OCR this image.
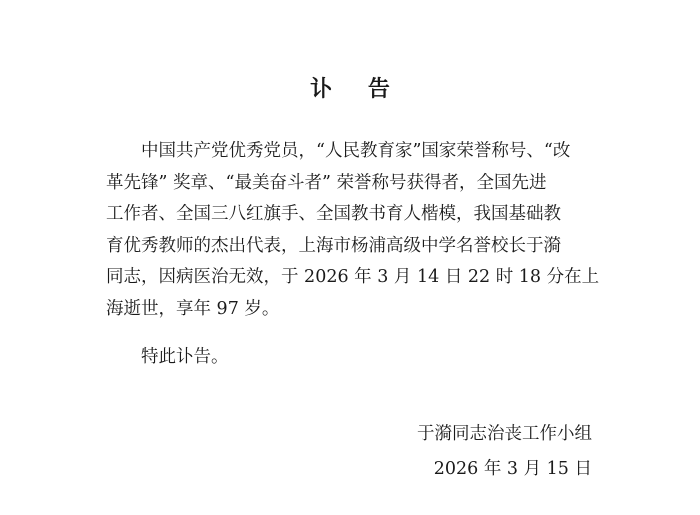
讣 告
中国共产党优秀党员，“人民教育家”国家荣誉称号、“改
革先锋” 奖章、“最美奋斗者” 荣誉称号获得者，全国先进
工作者、全国三八红旗手、全国教书育人楷模，我国基础教
育优秀教师的杰出代表，上海市杨浦高级中学名誉校长于漪
同志，因病医治无效，于 2026 年 3 月 14 日 22 时 18 分在上
海逝世，享年 97 岁。
特此讣告。
于漪同志治丧工作小组
2026 年 3 月 15 日
